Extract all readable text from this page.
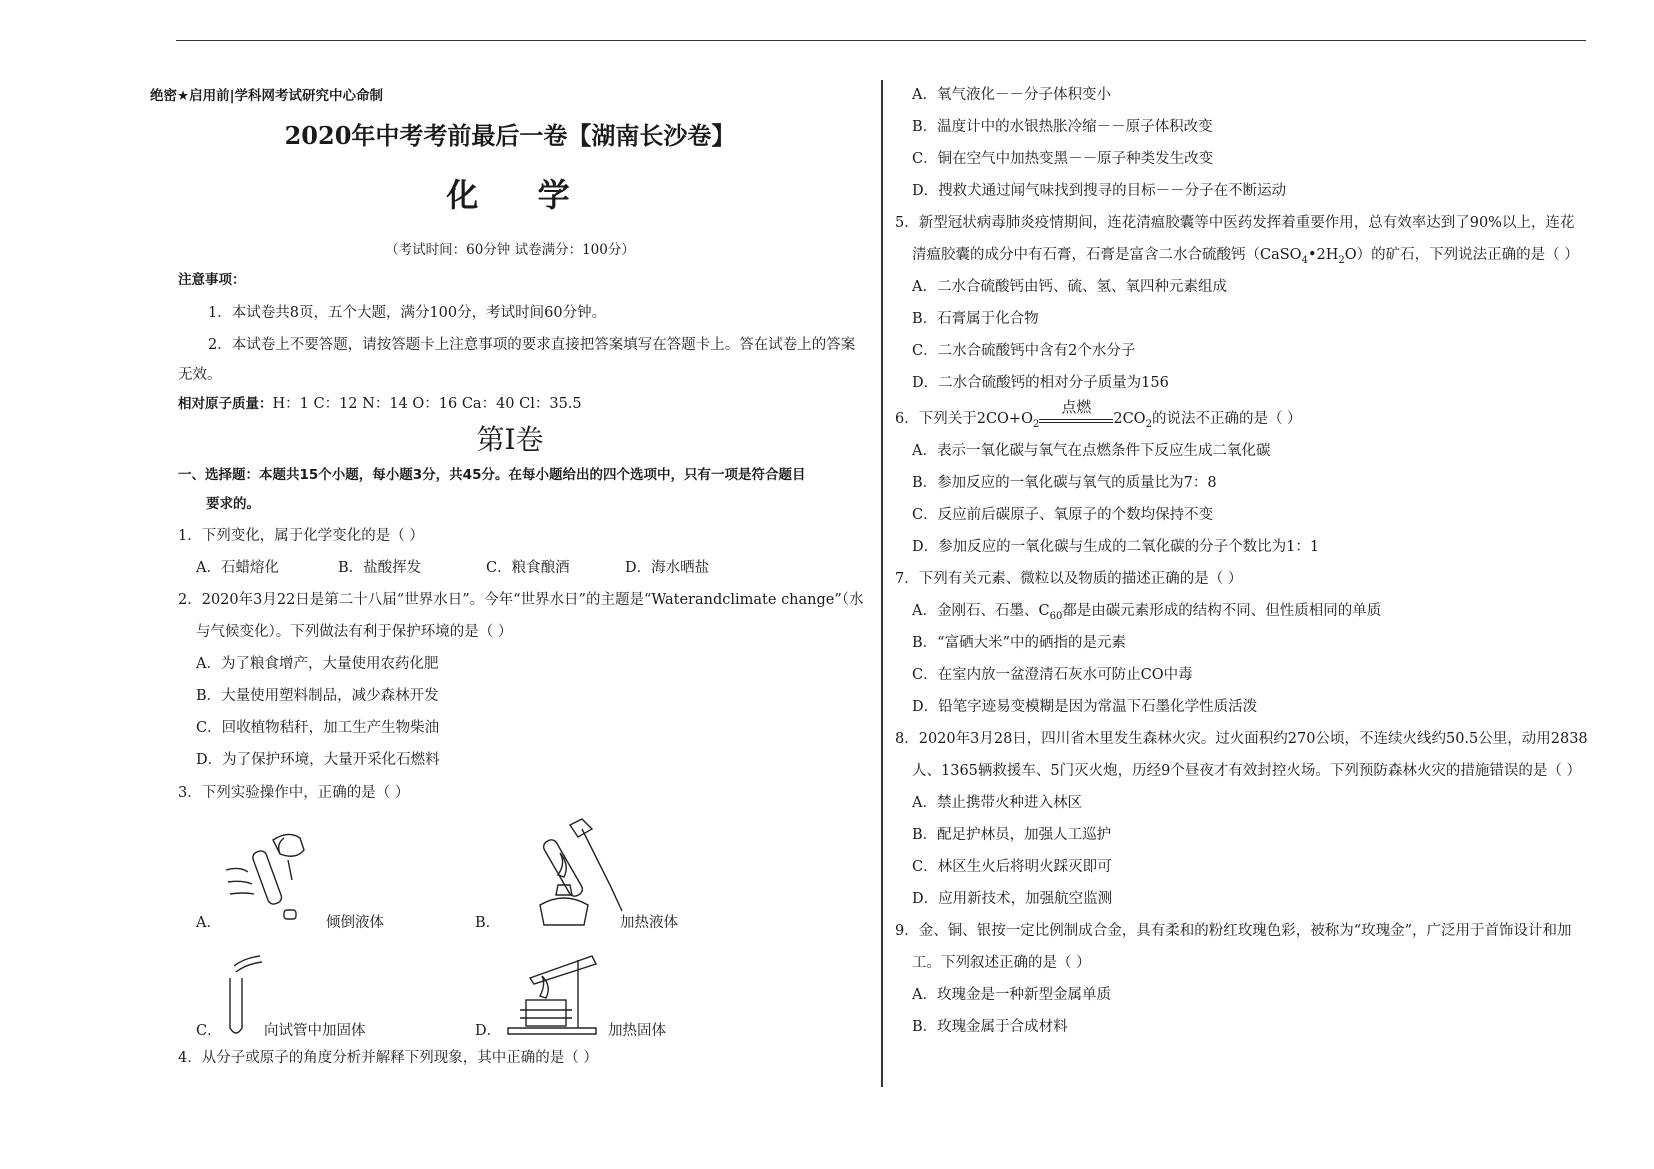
绝密★启用前|学科网考试研究中心命制
2020年中考考前最后一卷【湖南长沙卷】
化 学
（考试时间：60分钟 试卷满分：100分）
注意事项：
1．本试卷共8页，五个大题，满分100分，考试时间60分钟。
2．本试卷上不要答题，请按答题卡上注意事项的要求直接把答案填写在答题卡上。答在试卷上的答案
无效。
相对原子质量：H：1 C：12 N：14 O：16 Ca：40 Cl：35.5
第Ⅰ卷
一、选择题：本题共15个小题，每小题3分，共45分。在每小题给出的四个选项中，只有一项是符合题目
要求的。
1．下列变化，属于化学变化的是（ ）
A．石蜡熔化	B．盐酸挥发	C．粮食酿酒	D．海水晒盐
2．2020年3月22日是第二十八届“世界水日”。今年“世界水日”的主题是“Waterandclimate change”（水
与气候变化）。下列做法有利于保护环境的是（ ）
A．为了粮食增产，大量使用农药化肥
B．大量使用塑料制品，减少森林开发
C．回收植物秸秆，加工生产生物柴油
D．为了保护环境，大量开采化石燃料
3．下列实验操作中，正确的是（ ）
A．	倾倒液体	B．	加热液体
C．	向试管中加固体	D．	加热固体
4．从分子或原子的角度分析并解释下列现象，其中正确的是（ ）
A．氧气液化－－分子体积变小
B．温度计中的水银热胀冷缩－－原子体积改变
C．铜在空气中加热变黑－－原子种类发生改变
D．搜救犬通过闻气味找到搜寻的目标－－分子在不断运动
5．新型冠状病毒肺炎疫情期间，连花清瘟胶囊等中医药发挥着重要作用，总有效率达到了90%以上，连花
清瘟胶囊的成分中有石膏，石膏是富含二水合硫酸钙$(CaSO_4•2H_2O)$的矿石，下列说法正确的是（ ）
A．二水合硫酸钙由钙、硫、氢、氧四种元素组成
B．石膏属于化合物
C．二水合硫酸钙中含有2个水分子
D．二水合硫酸钙的相对分子质量为156
6．下列关于$2CO+O_2$
点燃
$2CO_2$的说法不正确的是（ ）
A．表示一氧化碳与氧气在点燃条件下反应生成二氧化碳
B．参加反应的一氧化碳与氧气的质量比为7：8
C．反应前后碳原子、氧原子的个数均保持不变
D．参加反应的一氧化碳与生成的二氧化碳的分子个数比为1：1
7．下列有关元素、微粒以及物质的描述正确的是（ ）
A．金刚石、石墨、$C_{60}$都是由碳元素形成的结构不同、但性质相同的单质
B．“富硒大米”中的硒指的是元素
C．在室内放一盆澄清石灰水可防止CO中毒
D．铅笔字迹易变模糊是因为常温下石墨化学性质活泼
8．2020年3月28日，四川省木里发生森林火灾。过火面积约270公顷，不连续火线约50.5公里，动用2838
人、1365辆救援车、5门灭火炮，历经9个昼夜才有效封控火场。下列预防森林火灾的措施错误的是（ ）
A．禁止携带火种进入林区
B．配足护林员，加强人工巡护
C．林区生火后将明火踩灭即可
D．应用新技术，加强航空监测
9．金、铜、银按一定比例制成合金，具有柔和的粉红玫瑰色彩，被称为“玫瑰金”，广泛用于首饰设计和加
工。下列叙述正确的是（ ）
A．玫瑰金是一种新型金属单质
B．玫瑰金属于合成材料
